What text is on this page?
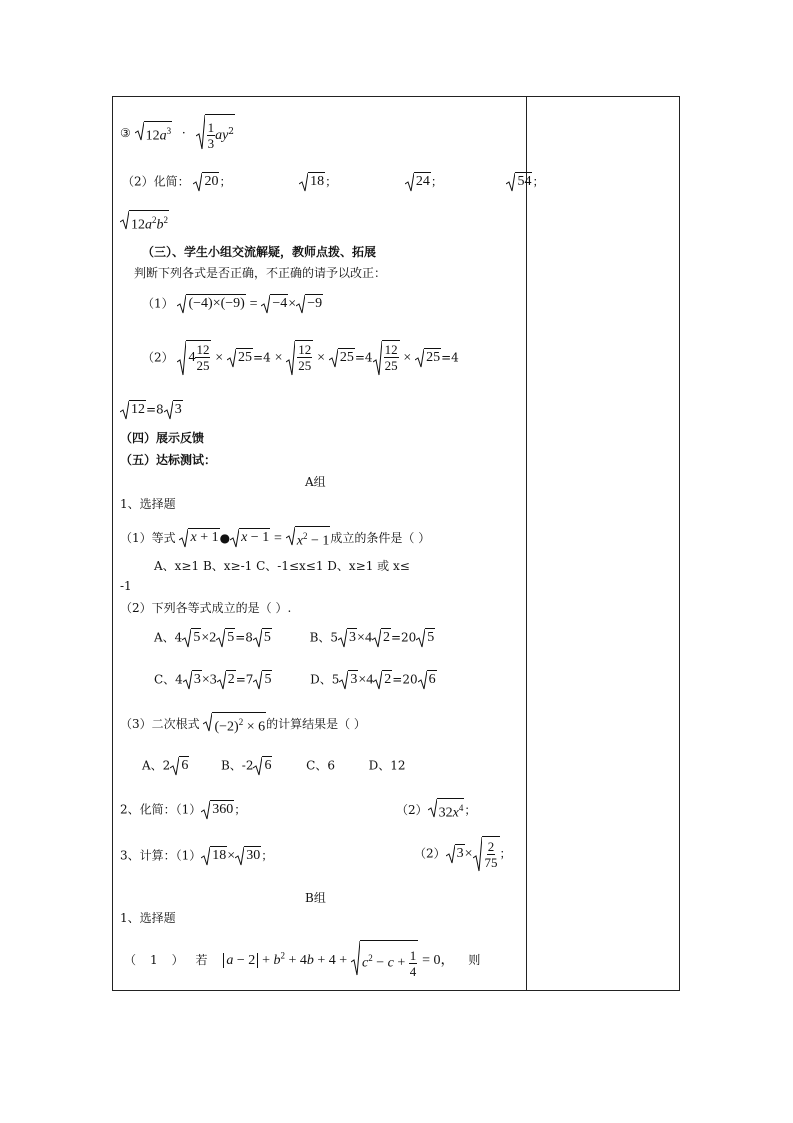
③ $12a^3 \cdot \frac{1}{3} ay^2$
（2）化简： 20 ；	18 ；	24 ；	54 ；
$12a^2b^2$
（三）、学生小组交流解疑，教师点拨、拓展
判断下列各式是否正确，不正确的请予以改正：
（1） (−4)×(−9) = −4 × −9
（2） $4 \frac{12}{25} \times 25 =4 \times \frac{12}{25} \times 25 =4 \frac{12}{25} \times 25 =4$
12 =8 3
（四）展示反馈
（五）达标测试：
A组
1、选择题
（1）等式 x + 1 ● $x - 1 = x^2 - 1$ 成立的条件是（ ）
A、x≥1 B、x≥-1 C、-1≤x≤1 D、x≥1 或 x≤
-1
（2）下列各等式成立的是（ ）.
A、4 5 ×2 5 =8 5	B、5 3 ×4 2 =20 5
C、4 3 ×3 2 =7 5	D、5 3 ×4 2 =20 6
（3）二次根式 $(-2)^2 \times 6$ 的计算结果是（ ）
A、2 6	B、-2 6	C、6	D、12
2、化简：（1） 360 ；	（2） $32x^4$ ；
3、计算：（1） 18 × 30 ；	（2） $3 \times \frac{2}{75}$ ；
B组
1、选择题
（ 1 ） 若 $a - 2 + b^2 + 4b + 4 + c^2 - c + \frac{1}{4} = 0$， 则
